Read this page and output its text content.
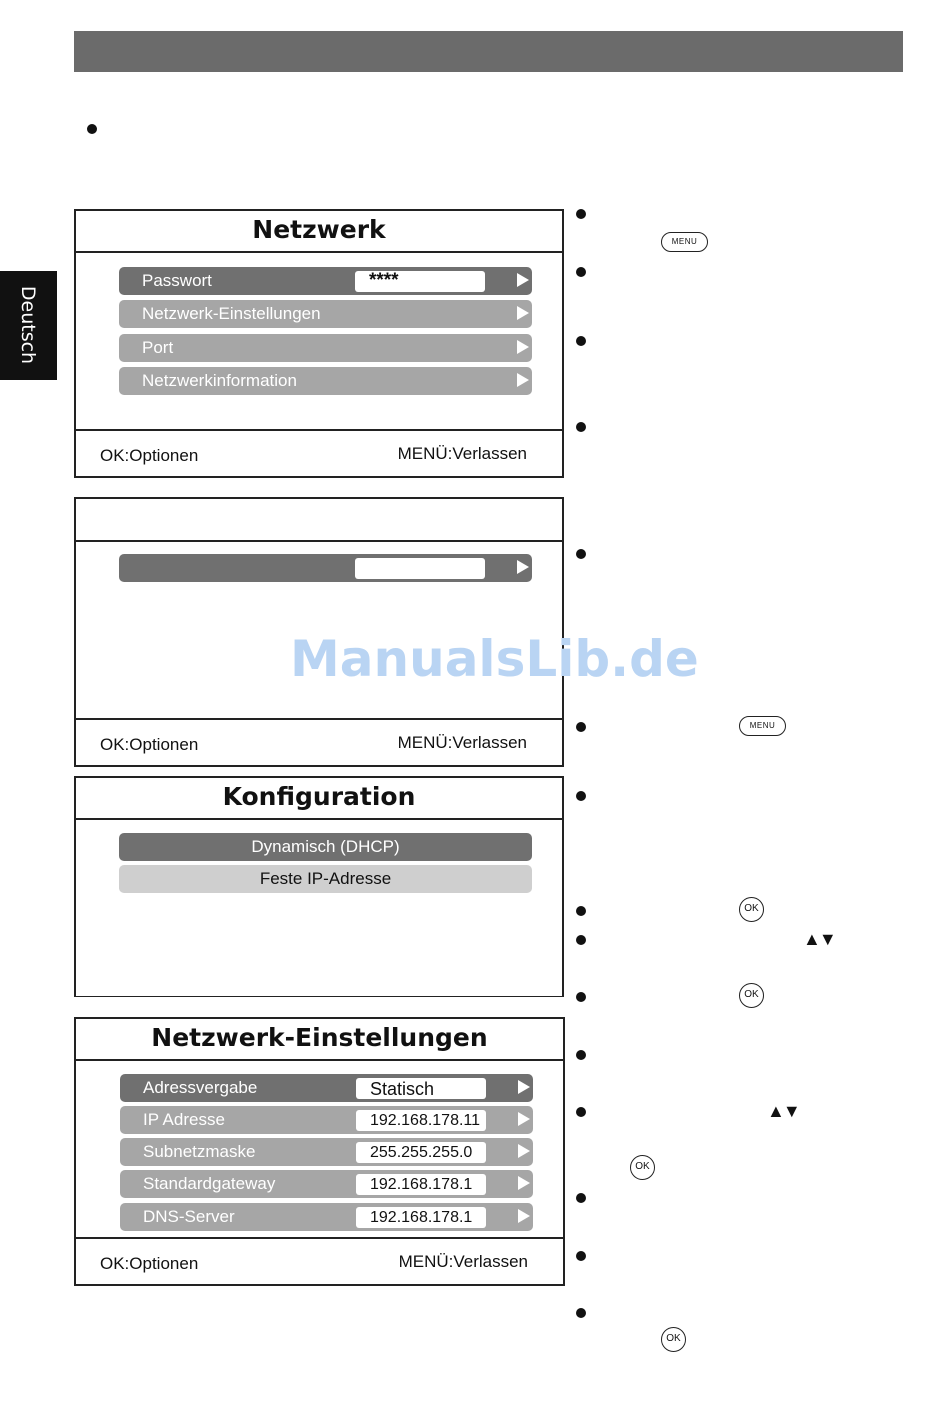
Deutsch
Netzwerk
Passwort	****
Netzwerk-Einstellungen
Port
Netzwerkinformation
OK:Optionen	MENÜ:Verlassen
OK:Optionen	MENÜ:Verlassen
Konfiguration
Dynamisch (DHCP)
Feste IP-Adresse
Netzwerk-Einstellungen
Adressvergabe	Statisch
IP Adresse	192.168.178.11
Subnetzmaske	255.255.255.0
Standardgateway	192.168.178.1
DNS-Server	192.168.178.1
OK:Optionen	MENÜ:Verlassen
MENU
MENU
OK
▲▼
OK
▲▼
OK
OK
ManualsLib.de
